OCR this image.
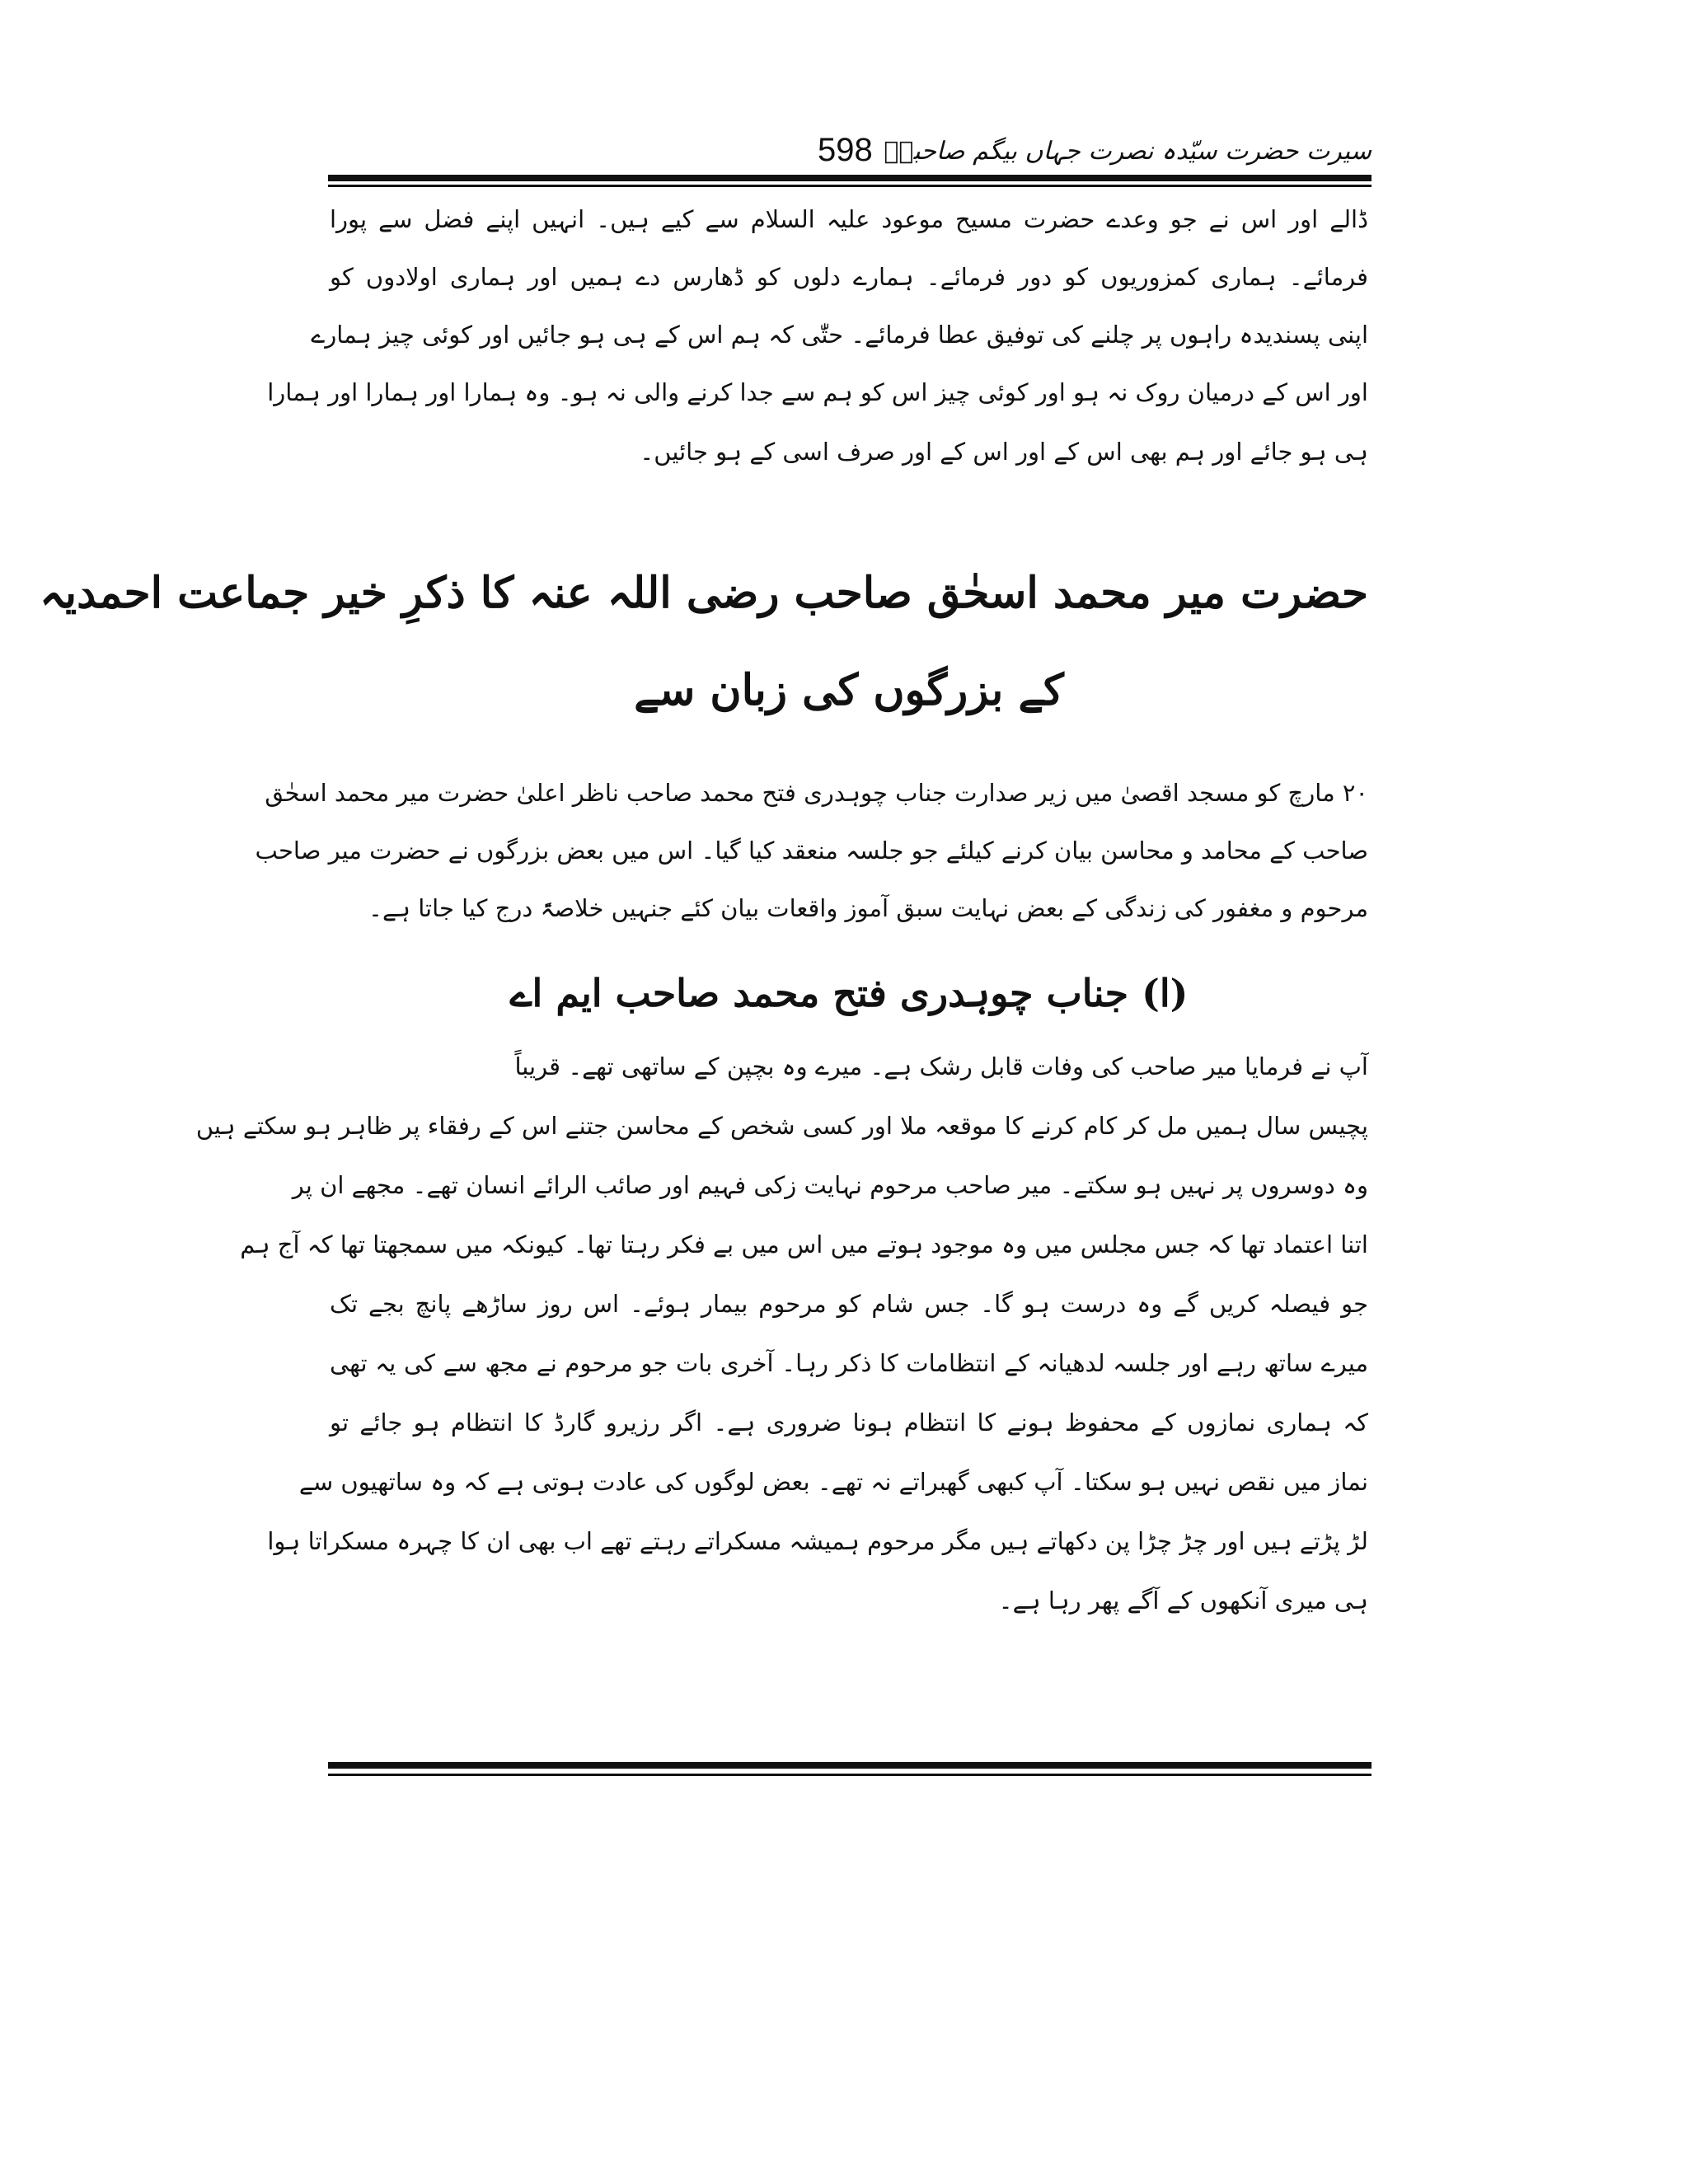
سیرت حضرت سیّدہ نصرت جہاں بیگم صاحبہؓ
598
ڈالے اور اس نے جو وعدے حضرت مسیح موعود علیہ السلام سے کیے ہیں۔ انہیں اپنے فضل سے پورا
فرمائے۔ ہماری کمزوریوں کو دور فرمائے۔ ہمارے دلوں کو ڈھارس دے ہمیں اور ہماری اولادوں کو
اپنی پسندیدہ راہوں پر چلنے کی توفیق عطا فرمائے۔ حتّٰی کہ ہم اس کے ہی ہو جائیں اور کوئی چیز ہمارے
اور اس کے درمیان روک نہ ہو اور کوئی چیز اس کو ہم سے جدا کرنے والی نہ ہو۔ وہ ہمارا اور ہمارا اور ہمارا
ہی ہو جائے اور ہم بھی اس کے اور اس کے اور صرف اسی کے ہو جائیں۔
حضرت میر محمد اسحٰق صاحب رضی اللہ عنہ کا ذکرِ خیر جماعت احمدیہ
کے بزرگوں کی زبان سے
۲۰ مارچ کو مسجد اقصیٰ میں زیر صدارت جناب چوہدری فتح محمد صاحب ناظر اعلیٰ حضرت میر محمد اسحٰق
صاحب کے محامد و محاسن بیان کرنے کیلئے جو جلسہ منعقد کیا گیا۔ اس میں بعض بزرگوں نے حضرت میر صاحب
مرحوم و مغفور کی زندگی کے بعض نہایت سبق آموز واقعات بیان کئے جنہیں خلاصۃً درج کیا جاتا ہے۔
(ا) جناب چوہدری فتح محمد صاحب ایم اے
آپ نے فرمایا میر صاحب کی وفات قابل رشک ہے۔ میرے وہ بچپن کے ساتھی تھے۔ قریباً
پچیس سال ہمیں مل کر کام کرنے کا موقعہ ملا اور کسی شخص کے محاسن جتنے اس کے رفقاء پر ظاہر ہو سکتے ہیں
وہ دوسروں پر نہیں ہو سکتے۔ میر صاحب مرحوم نہایت زکی فہیم اور صائب الرائے انسان تھے۔ مجھے ان پر
اتنا اعتماد تھا کہ جس مجلس میں وہ موجود ہوتے میں اس میں بے فکر رہتا تھا۔ کیونکہ میں سمجھتا تھا کہ آج ہم
جو فیصلہ کریں گے وہ درست ہو گا۔ جس شام کو مرحوم بیمار ہوئے۔ اس روز ساڑھے پانچ بجے تک
میرے ساتھ رہے اور جلسہ لدھیانہ کے انتظامات کا ذکر رہا۔ آخری بات جو مرحوم نے مجھ سے کی یہ تھی
کہ ہماری نمازوں کے محفوظ ہونے کا انتظام ہونا ضروری ہے۔ اگر رزیرو گارڈ کا انتظام ہو جائے تو
نماز میں نقص نہیں ہو سکتا۔ آپ کبھی گھبراتے نہ تھے۔ بعض لوگوں کی عادت ہوتی ہے کہ وہ ساتھیوں سے
لڑ پڑتے ہیں اور چڑ چڑا پن دکھاتے ہیں مگر مرحوم ہمیشہ مسکراتے رہتے تھے اب بھی ان کا چہرہ مسکراتا ہوا
ہی میری آنکھوں کے آگے پھر رہا ہے۔
